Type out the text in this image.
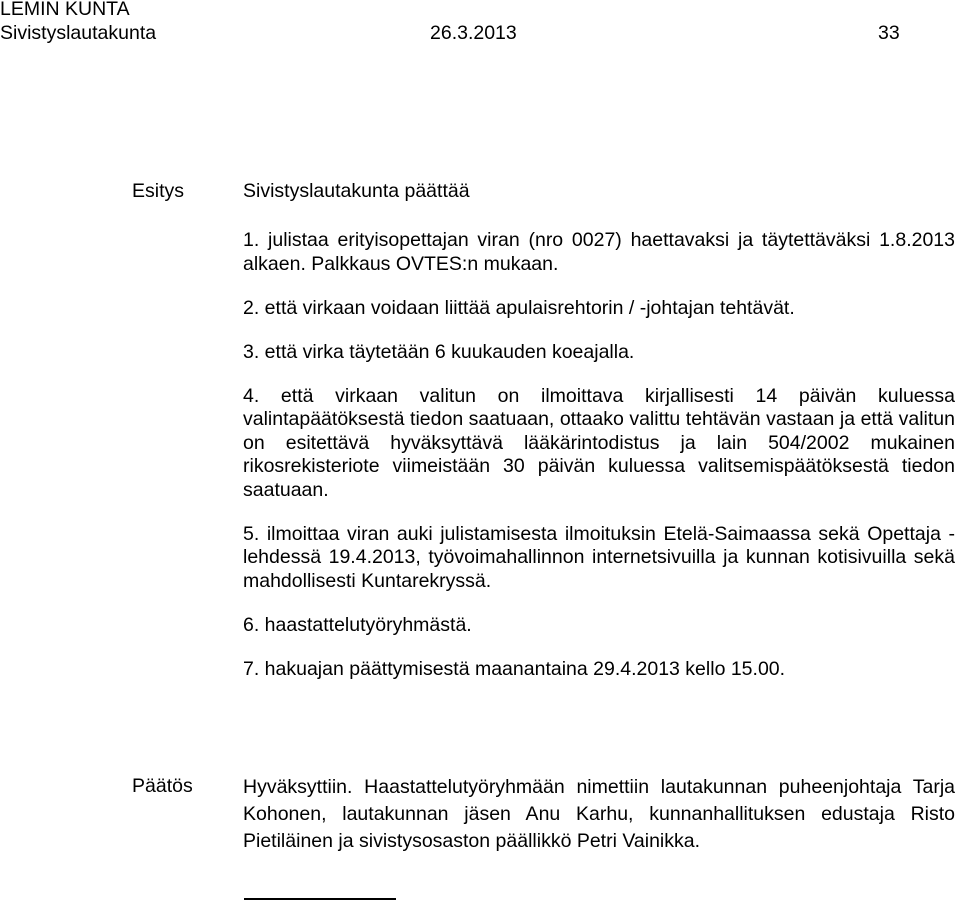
LEMIN KUNTA
Sivistyslautakunta	26.3.2013	33
Esitys	Sivistyslautakunta päättää
1. julistaa erityisopettajan viran (nro 0027) haettavaksi ja täytettäväksi 1.8.2013 alkaen. Palkkaus OVTES:n mukaan.
2. että virkaan voidaan liittää apulaisrehtorin / -johtajan tehtävät.
3. että virka täytetään 6 kuukauden koeajalla.
4. että virkaan valitun on ilmoittava kirjallisesti 14 päivän kuluessa valintapäätöksestä tiedon saatuaan, ottaako valittu tehtävän vastaan ja että valitun on esitettävä hyväksyttävä lääkärintodistus ja lain 504/2002 mukainen rikosrekisteriote viimeistään 30 päivän kuluessa valitsemispäätöksestä tiedon saatuaan.
5. ilmoittaa viran auki julistamisesta ilmoituksin Etelä-Saimaassa sekä Opettaja -lehdessä 19.4.2013, työvoimahallinnon internetsivuilla ja kunnan kotisivuilla sekä mahdollisesti Kuntarekryssä.
6. haastattelutyöryhmästä.
7. hakuajan päättymisestä maanantaina 29.4.2013 kello 15.00.
Päätös	Hyväksyttiin. Haastattelutyöryhmään nimettiin lautakunnan puheenjohtaja Tarja Kohonen, lautakunnan jäsen Anu Karhu, kunnanhallituksen edustaja Risto Pietiläinen ja sivistysosaston päällikkö Petri Vainikka.
